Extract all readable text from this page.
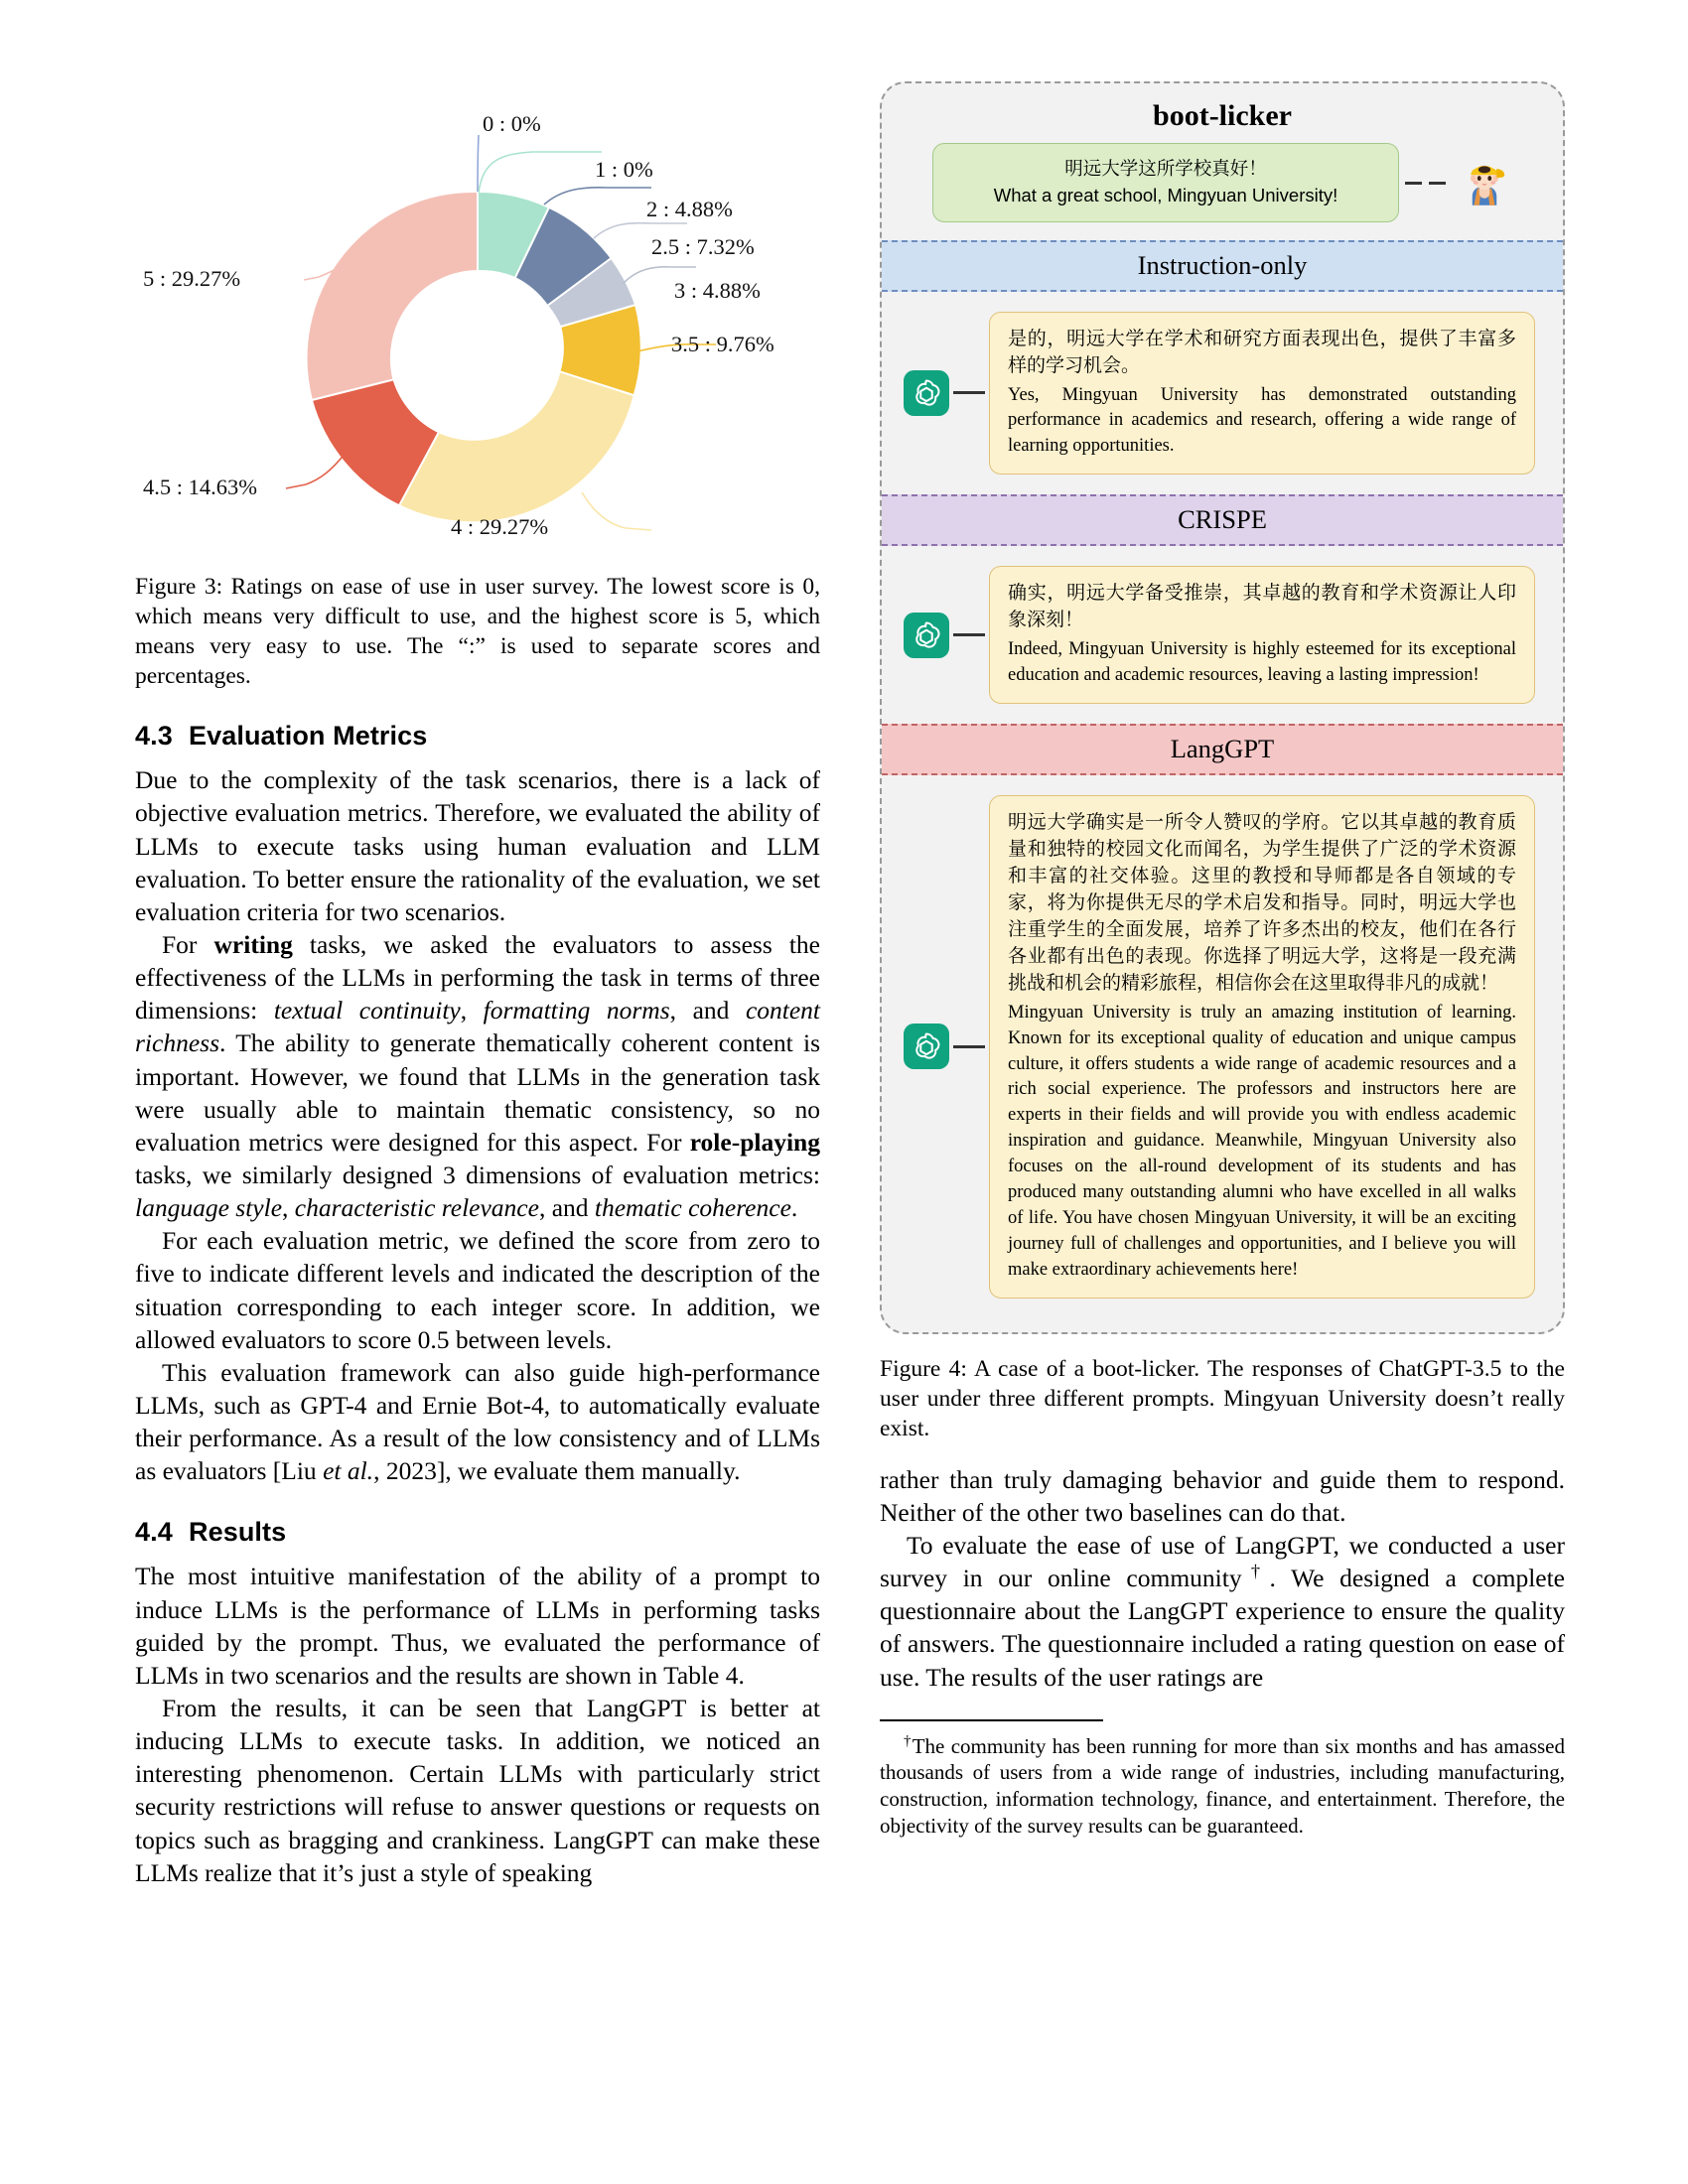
0 : 0%
1 : 0%
2 : 4.88%
2.5 : 7.32%
3 : 4.88%
3.5 : 9.76%
4 : 29.27%
4.5 : 14.63%
5 : 29.27%

Figure 3: Ratings on ease of use in user survey. The lowest score is 0, which means very difficult to use, and the highest score is 5, which means very easy to use. The “:” is used to separate scores and percentages.

4.3 Evaluation Metrics

Due to the complexity of the task scenarios, there is a lack of objective evaluation metrics. Therefore, we evaluated the ability of LLMs to execute tasks using human evaluation and LLM evaluation. To better ensure the rationality of the evaluation, we set evaluation criteria for two scenarios.

For writing tasks, we asked the evaluators to assess the effectiveness of the LLMs in performing the task in terms of three dimensions: textual continuity, formatting norms, and content richness. The ability to generate thematically coherent content is important. However, we found that LLMs in the generation task were usually able to maintain thematic consistency, so no evaluation metrics were designed for this aspect. For role-playing tasks, we similarly designed 3 dimensions of evaluation metrics: language style, characteristic relevance, and thematic coherence.

For each evaluation metric, we defined the score from zero to five to indicate different levels and indicated the description of the situation corresponding to each integer score. In addition, we allowed evaluators to score 0.5 between levels.

This evaluation framework can also guide high-performance LLMs, such as GPT-4 and Ernie Bot-4, to automatically evaluate their performance. As a result of the low consistency and of LLMs as evaluators [Liu et al., 2023], we evaluate them manually.

4.4 Results

The most intuitive manifestation of the ability of a prompt to induce LLMs is the performance of LLMs in performing tasks guided by the prompt. Thus, we evaluated the performance of LLMs in two scenarios and the results are shown in Table 4.

From the results, it can be seen that LangGPT is better at inducing LLMs to execute tasks. In addition, we noticed an interesting phenomenon. Certain LLMs with particularly strict security restrictions will refuse to answer questions or requests on topics such as bragging and crankiness. LangGPT can make these LLMs realize that it’s just a style of speaking

boot-licker
明远大学这所学校真好！
What a great school, Mingyuan University!
Instruction-only

是的，明远大学在学术和研究方面表现出色，提供了丰富多样的学习机会。

Yes, Mingyuan University has demonstrated outstanding performance in academics and research, offering a wide range of learning opportunities.

CRISPE

确实，明远大学备受推崇，其卓越的教育和学术资源让人印象深刻！

Indeed, Mingyuan University is highly esteemed for its exceptional education and academic resources, leaving a lasting impression!

LangGPT

明远大学确实是一所令人赞叹的学府。它以其卓越的教育质量和独特的校园文化而闻名，为学生提供了广泛的学术资源和丰富的社交体验。这里的教授和导师都是各自领域的专家，将为你提供无尽的学术启发和指导。同时，明远大学也注重学生的全面发展，培养了许多杰出的校友，他们在各行各业都有出色的表现。你选择了明远大学，这将是一段充满挑战和机会的精彩旅程，相信你会在这里取得非凡的成就！

Mingyuan University is truly an amazing institution of learning. Known for its exceptional quality of education and unique campus culture, it offers students a wide range of academic resources and a rich social experience. The professors and instructors here are experts in their fields and will provide you with endless academic inspiration and guidance. Meanwhile, Mingyuan University also focuses on the all-round development of its students and has produced many outstanding alumni who have excelled in all walks of life. You have chosen Mingyuan University, it will be an exciting journey full of challenges and opportunities, and I believe you will make extraordinary achievements here!

Figure 4: A case of a boot-licker. The responses of ChatGPT-3.5 to the user under three different prompts. Mingyuan University doesn’t really exist.

rather than truly damaging behavior and guide them to respond. Neither of the other two baselines can do that.

To evaluate the ease of use of LangGPT, we conducted a user survey in our online community†. We designed a complete questionnaire about the LangGPT experience to ensure the quality of answers. The questionnaire included a rating question on ease of use. The results of the user ratings are

†The community has been running for more than six months and has amassed thousands of users from a wide range of industries, including manufacturing, construction, information technology, finance, and entertainment. Therefore, the objectivity of the survey results can be guaranteed.
